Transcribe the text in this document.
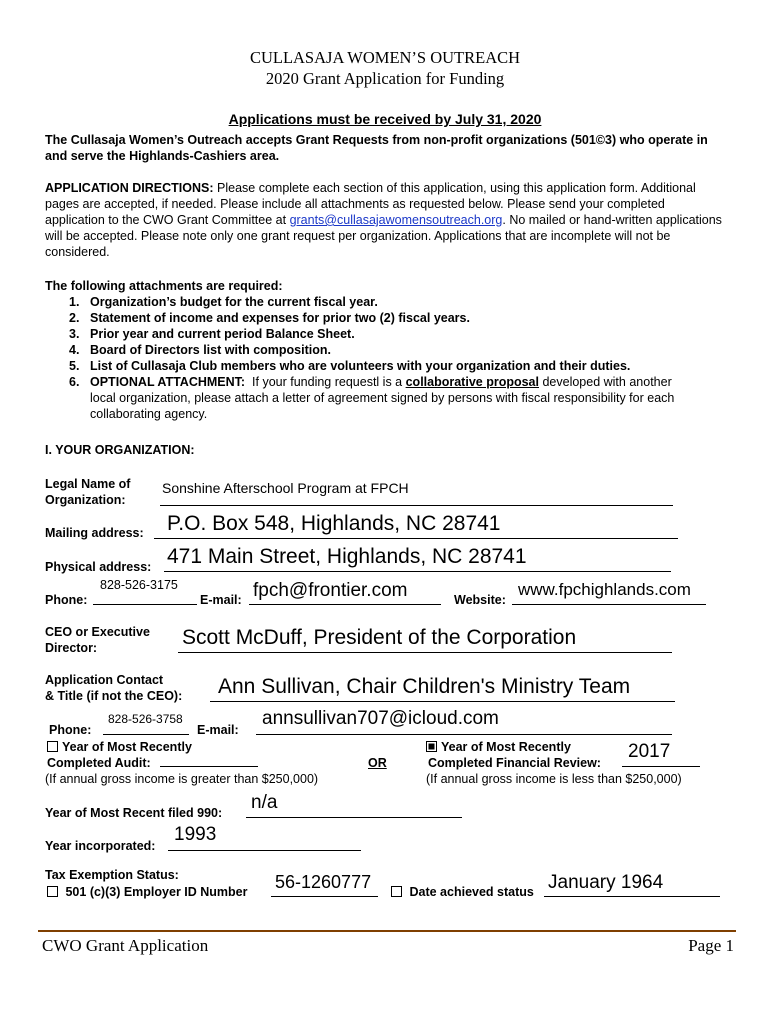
CULLASAJA WOMEN’S OUTREACH
2020 Grant Application for Funding
Applications must be received by July 31, 2020
The Cullasaja Women’s Outreach accepts Grant Requests from non-profit organizations (501©3) who operate in and serve the Highlands-Cashiers area.
APPLICATION DIRECTIONS: Please complete each section of this application, using this application form. Additional pages are accepted, if needed. Please include all attachments as requested below. Please send your completed application to the CWO Grant Committee at grants@cullasajawomensoutreach.org. No mailed or hand-written applications will be accepted. Please note only one grant request per organization. Applications that are incomplete will not be considered.
The following attachments are required:
1. Organization’s budget for the current fiscal year.
2. Statement of income and expenses for prior two (2) fiscal years.
3. Prior year and current period Balance Sheet.
4. Board of Directors list with composition.
5. List of Cullasaja Club members who are volunteers with your organization and their duties.
6. OPTIONAL ATTACHMENT: If your funding requestl is a collaborative proposal developed with another local organization, please attach a letter of agreement signed by persons with fiscal responsibility for each collaborating agency.
I. YOUR ORGANIZATION:
Legal Name of
Organization:
Sonshine Afterschool Program at FPCH
Mailing address: P.O. Box 548, Highlands, NC 28741
Physical address: 471 Main Street, Highlands, NC 28741
Phone:
828-526-3175
E-mail: fpch@frontier.com	Website:
www.fpchighlands.com
CEO or Executive
Director:	Scott McDuff, President of the Corporation
Application Contact
& Title (if not the CEO): Ann Sullivan, Chair Children's Ministry Team
Phone:
828-526-3758
E-mail:
annsullivan707@icloud.com
Year of Most Recently
Completed Audit:
(If annual gross income is greater than $250,000)
OR
Year of Most Recently
Completed Financial Review:
2017
(If annual gross income is less than $250,000)
Year of Most Recent filed 990: n/a
Year incorporated:
1993
Tax Exemption Status:
501 (c)(3) Employer ID Number 56-1260777	Date achieved status January 1964
CWO Grant Application	Page 1
